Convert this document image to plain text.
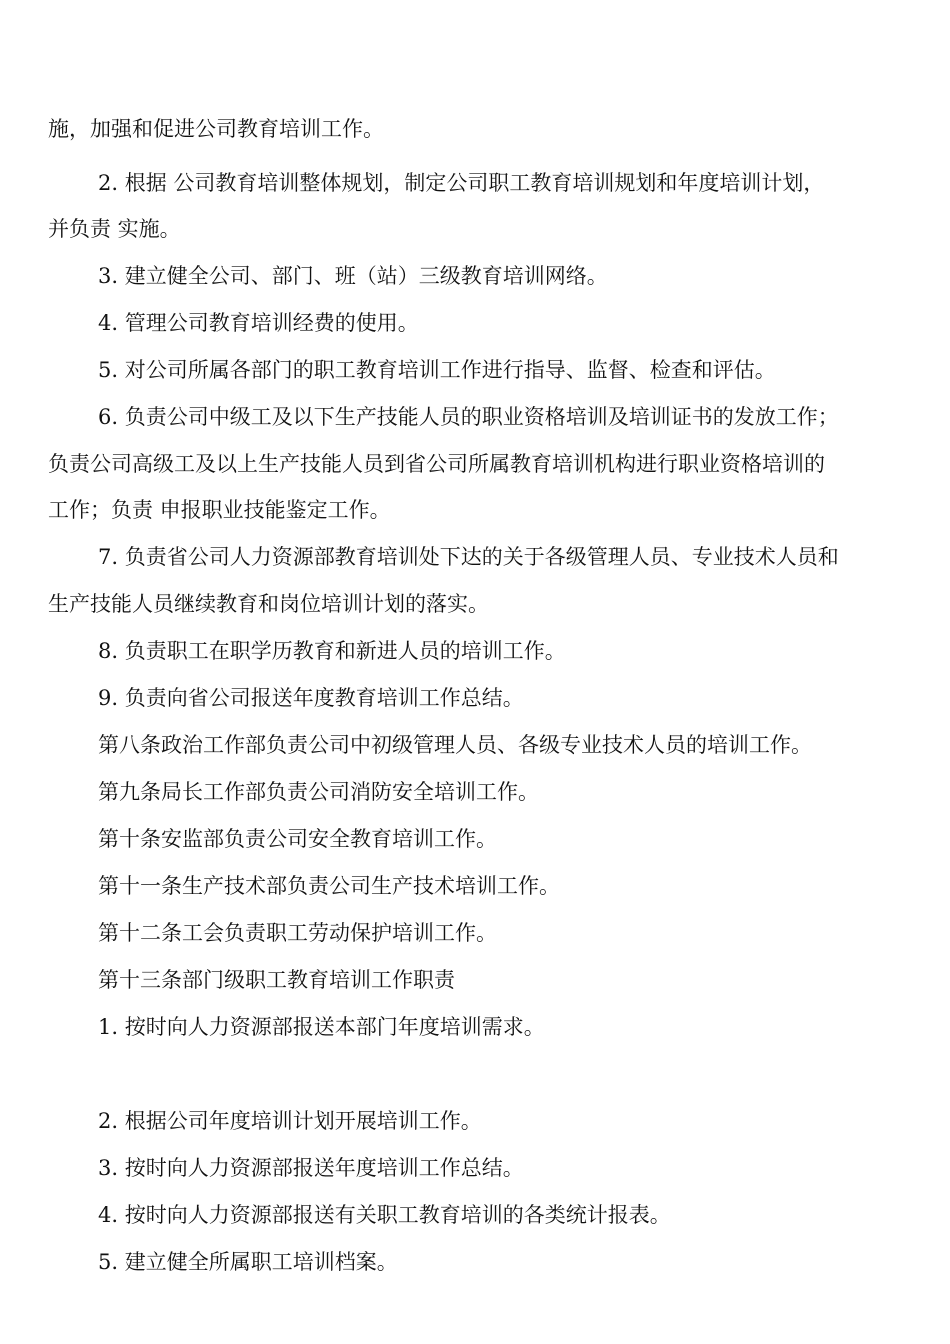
施，加强和促进公司教育培训工作。
2. 根据 公司教育培训整体规划，制定公司职工教育培训规划和年度培训计划，
并负责 实施。
3. 建立健全公司、部门、班（站）三级教育培训网络。
4. 管理公司教育培训经费的使用。
5. 对公司所属各部门的职工教育培训工作进行指导、监督、检查和评估。
6. 负责公司中级工及以下生产技能人员的职业资格培训及培训证书的发放工作；
负责公司高级工及以上生产技能人员到省公司所属教育培训机构进行职业资格培训的
工作；负责 申报职业技能鉴定工作。
7. 负责省公司人力资源部教育培训处下达的关于各级管理人员、专业技术人员和
生产技能人员继续教育和岗位培训计划的落实。
8. 负责职工在职学历教育和新进人员的培训工作。
9. 负责向省公司报送年度教育培训工作总结。
第八条政治工作部负责公司中初级管理人员、各级专业技术人员的培训工作。
第九条局长工作部负责公司消防安全培训工作。
第十条安监部负责公司安全教育培训工作。
第十一条生产技术部负责公司生产技术培训工作。
第十二条工会负责职工劳动保护培训工作。
第十三条部门级职工教育培训工作职责
1. 按时向人力资源部报送本部门年度培训需求。
2. 根据公司年度培训计划开展培训工作。
3. 按时向人力资源部报送年度培训工作总结。
4. 按时向人力资源部报送有关职工教育培训的各类统计报表。
5. 建立健全所属职工培训档案。
